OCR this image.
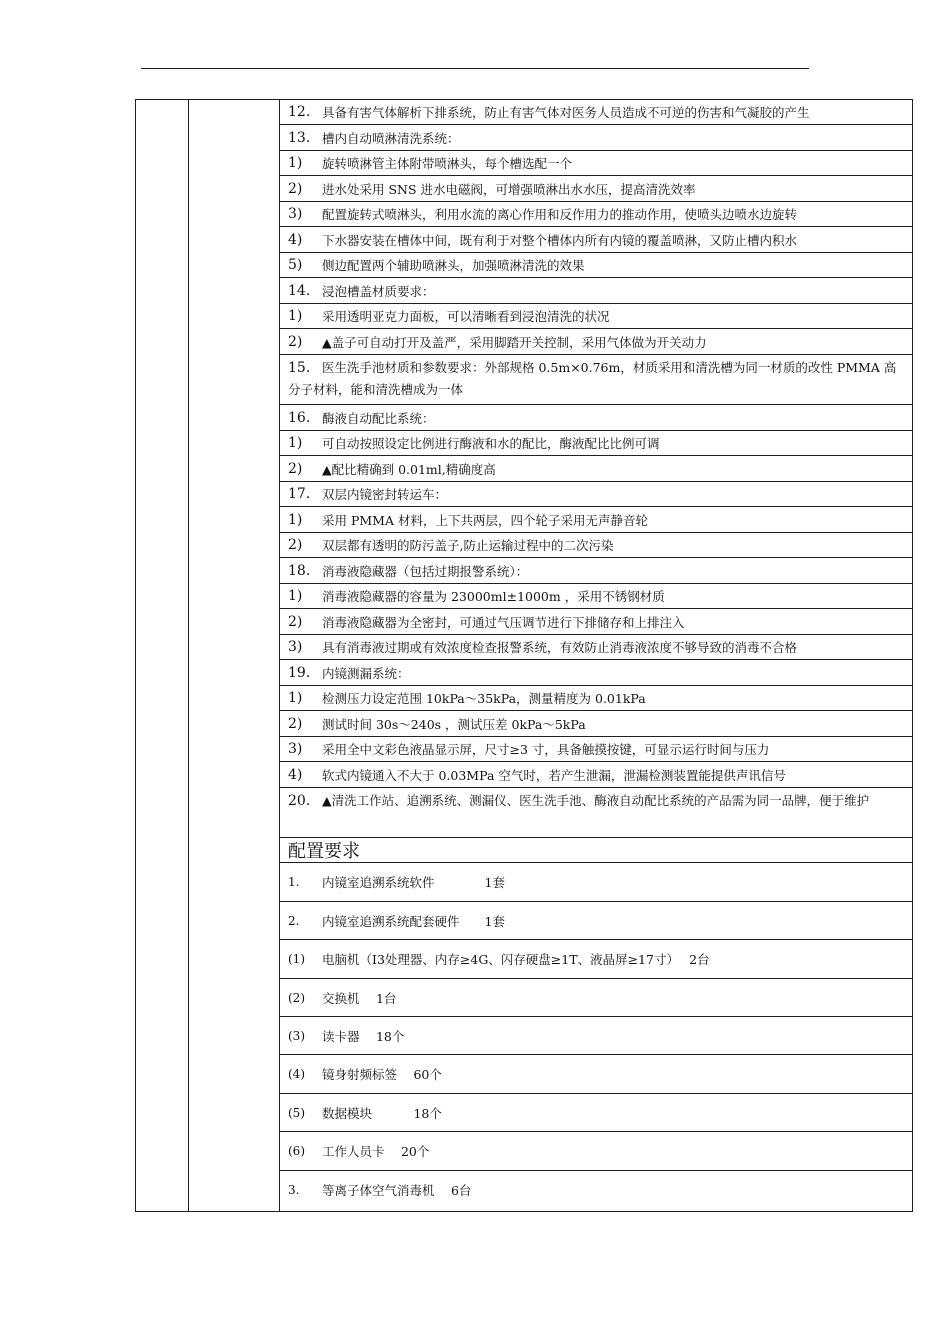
12. 具备有害气体解析下排系统，防止有害气体对医务人员造成不可逆的伤害和气凝胶的产生
13. 槽内自动喷淋清洗系统：
1)	旋转喷淋管主体附带喷淋头，每个槽选配一个
2)	进水处采用 SNS 进水电磁阀，可增强喷淋出水水压，提高清洗效率
3)	配置旋转式喷淋头，利用水流的离心作用和反作用力的推动作用，使喷头边喷水边旋转
4)	下水器安装在槽体中间，既有利于对整个槽体内所有内镜的覆盖喷淋，又防止槽内积水
5)	侧边配置两个辅助喷淋头，加强喷淋清洗的效果
14. 浸泡槽盖材质要求：
1)	采用透明亚克力面板，可以清晰看到浸泡清洗的状况
2)	▲盖子可自动打开及盖严，采用脚踏开关控制，采用气体做为开关动力
15. 医生洗手池材质和参数要求：外部规格 0.5m×0.76m，材质采用和清洗槽为同一材质的改性 PMMA 高分子材料，能和清洗槽成为一体
16. 酶液自动配比系统：
1)	可自动按照设定比例进行酶液和水的配比，酶液配比比例可调
2)	▲配比精确到 0.01ml,精确度高
17. 双层内镜密封转运车：
1)	采用 PMMA 材料，上下共两层，四个轮子采用无声静音轮
2)	双层都有透明的防污盖子,防止运输过程中的二次污染
18. 消毒液隐藏器（包括过期报警系统）：
1)	消毒液隐藏器的容量为 23000ml±1000m ，采用不锈钢材质
2)	消毒液隐藏器为全密封，可通过气压调节进行下排储存和上排注入
3)	具有消毒液过期或有效浓度检查报警系统，有效防止消毒液浓度不够导致的消毒不合格
19. 内镜测漏系统：
1)	检测压力设定范围 10kPa～35kPa，测量精度为 0.01kPa
2)	测试时间 30s～240s ，测试压差 0kPa～5kPa
3)	采用全中文彩色液晶显示屏，尺寸≥3 寸，具备触摸按键，可显示运行时间与压力
4)	软式内镜通入不大于 0.03MPa 空气时，若产生泄漏，泄漏检测装置能提供声讯信号
20. ▲清洗工作站、追溯系统、测漏仪、医生洗手池、酶液自动配比系统的产品需为同一品牌，便于维护
配置要求
1.	内镜室追溯系统软件　　　　1套
2.	内镜室追溯系统配套硬件　　1套
(1)	电脑机（I3处理器、内存≥4G、闪存硬盘≥1T、液晶屏≥17寸）　 2台
(2)	交换机　 1台
(3)	读卡器　 18个
(4)	镜身射频标签　 60个
(5)	数据模块　　　 18个
(6)	工作人员卡　 20个
3.	等离子体空气消毒机　 6台
